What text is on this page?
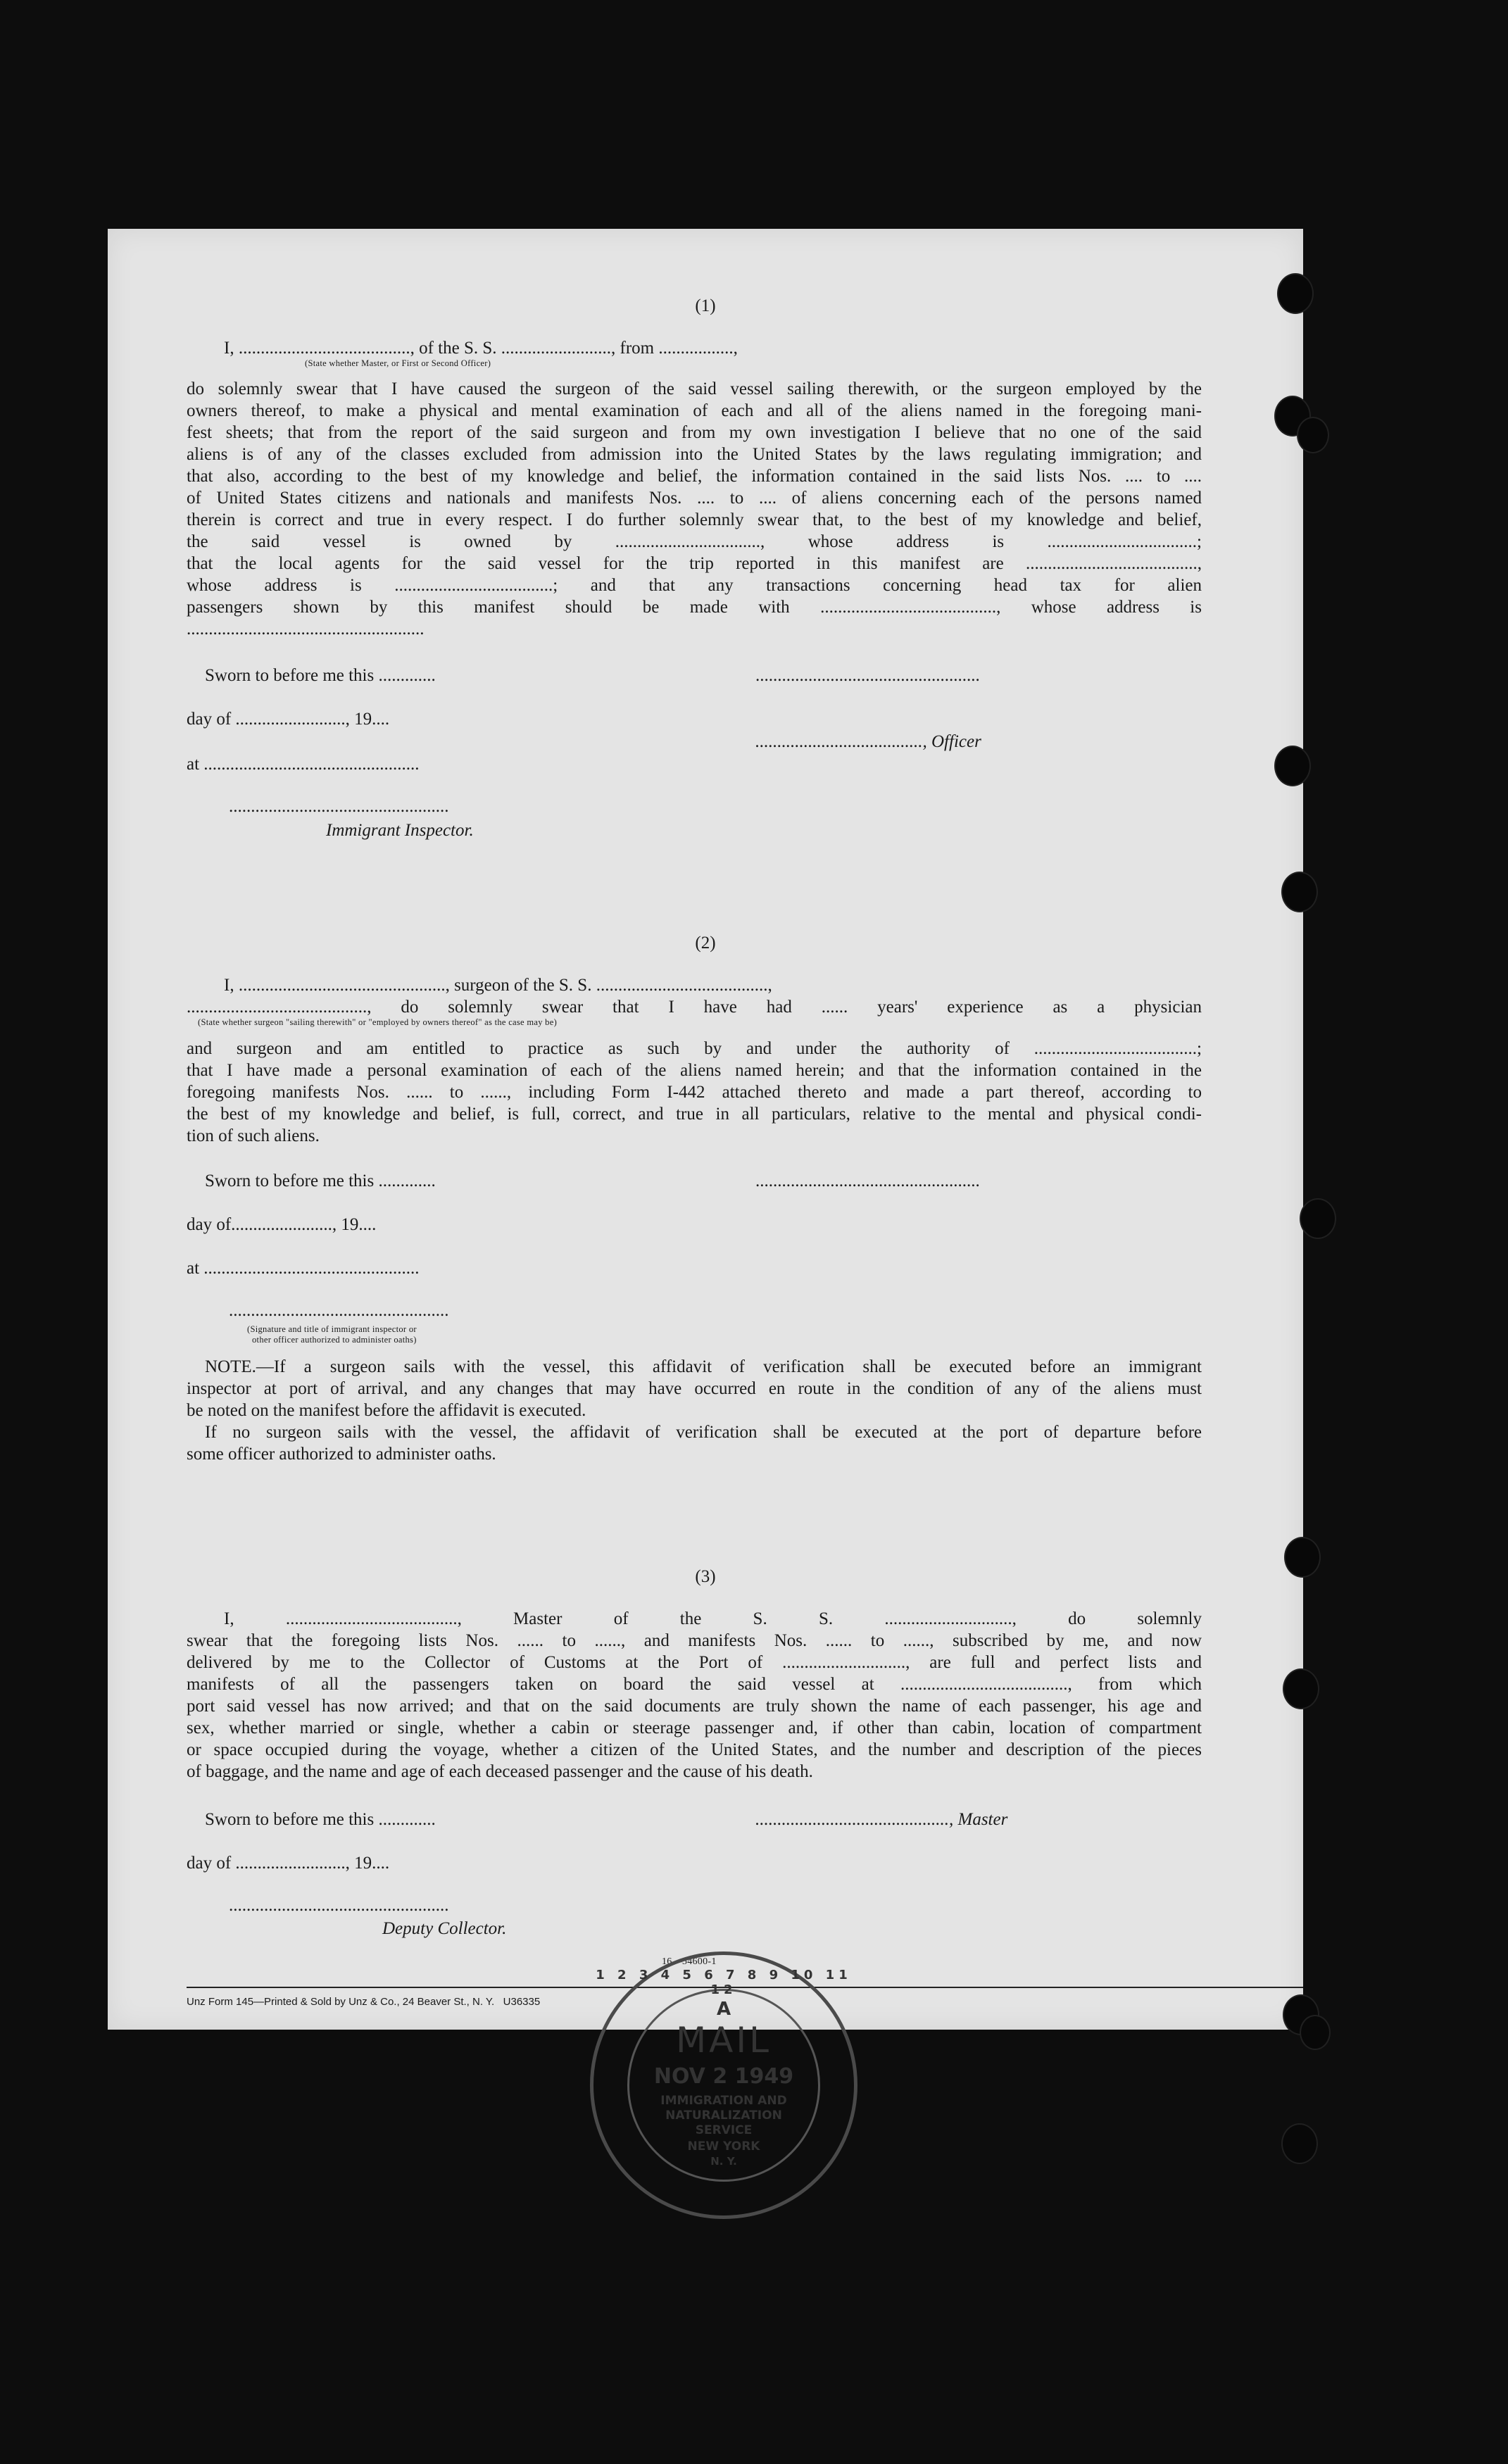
(1)
I, ......................................., of the S. S. ........................., from .................,
(State whether Master, or First or Second Officer)
do solemnly swear that I have caused the surgeon of the said vessel sailing therewith, or the surgeon employed by the
owners thereof, to make a physical and mental examination of each and all of the aliens named in the foregoing mani-
fest sheets; that from the report of the said surgeon and from my own investigation I believe that no one of the said
aliens is of any of the classes excluded from admission into the United States by the laws regulating immigration; and
that also, according to the best of my knowledge and belief, the information contained in the said lists Nos. .... to ....
of United States citizens and nationals and manifests Nos. .... to .... of aliens concerning each of the persons named
therein is correct and true in every respect. I do further solemnly swear that, to the best of my knowledge and belief,
the said vessel is owned by ................................., whose address is ..................................;
that the local agents for the said vessel for the trip reported in this manifest are .......................................,
whose address is ....................................; and that any transactions concerning head tax for alien
passengers shown by this manifest should be made with ........................................, whose address is
......................................................
Sworn to before me this .............	...................................................
day of ........................., 19....
......................................, Officer
at .................................................
..................................................
Immigrant Inspector.
(2)
I, ..............................................., surgeon of the S. S. .......................................,
........................................., do solemnly swear that I have had ...... years' experience as a physician
(State whether surgeon "sailing therewith" or "employed by owners thereof" as the case may be)
and surgeon and am entitled to practice as such by and under the authority of .....................................;
that I have made a personal examination of each of the aliens named herein; and that the information contained in the
foregoing manifests Nos. ...... to ......, including Form I-442 attached thereto and made a part thereof, according to
the best of my knowledge and belief, is full, correct, and true in all particulars, relative to the mental and physical condi-
tion of such aliens.
Sworn to before me this .............	...................................................
day of......................., 19....
at .................................................
..................................................
(Signature and title of immigrant inspector or
other officer authorized to administer oaths)
NOTE.—If a surgeon sails with the vessel, this affidavit of verification shall be executed before an immigrant
inspector at port of arrival, and any changes that may have occurred en route in the condition of any of the aliens must
be noted on the manifest before the affidavit is executed.
If no surgeon sails with the vessel, the affidavit of verification shall be executed at the port of departure before
some officer authorized to administer oaths.
(3)
I, ......................................., Master of the S. S. ............................., do solemnly
swear that the foregoing lists Nos. ...... to ......, and manifests Nos. ...... to ......, subscribed by me, and now
delivered by me to the Collector of Customs at the Port of ............................, are full and perfect lists and
manifests of all the passengers taken on board the said vessel at ......................................, from which
port said vessel has now arrived; and that on the said documents are truly shown the name of each passenger, his age and
sex, whether married or single, whether a cabin or steerage passenger and, if other than cabin, location of compartment
or space occupied during the voyage, whether a citizen of the United States, and the number and description of the pieces
of baggage, and the name and age of each deceased passenger and the cause of his death.
Sworn to before me this .............	............................................, Master
day of ........................., 19....
..................................................
Deputy Collector.
16—54600-1
Unz Form 145—Printed & Sold by Unz & Co., 24 Beaver St., N. Y.   U36335
1 2 3 4 5 6 7 8 9 10 11 12
A
MAIL
NOV 2 1949
IMMIGRATION AND
NATURALIZATION
SERVICE
NEW YORK
N. Y.
